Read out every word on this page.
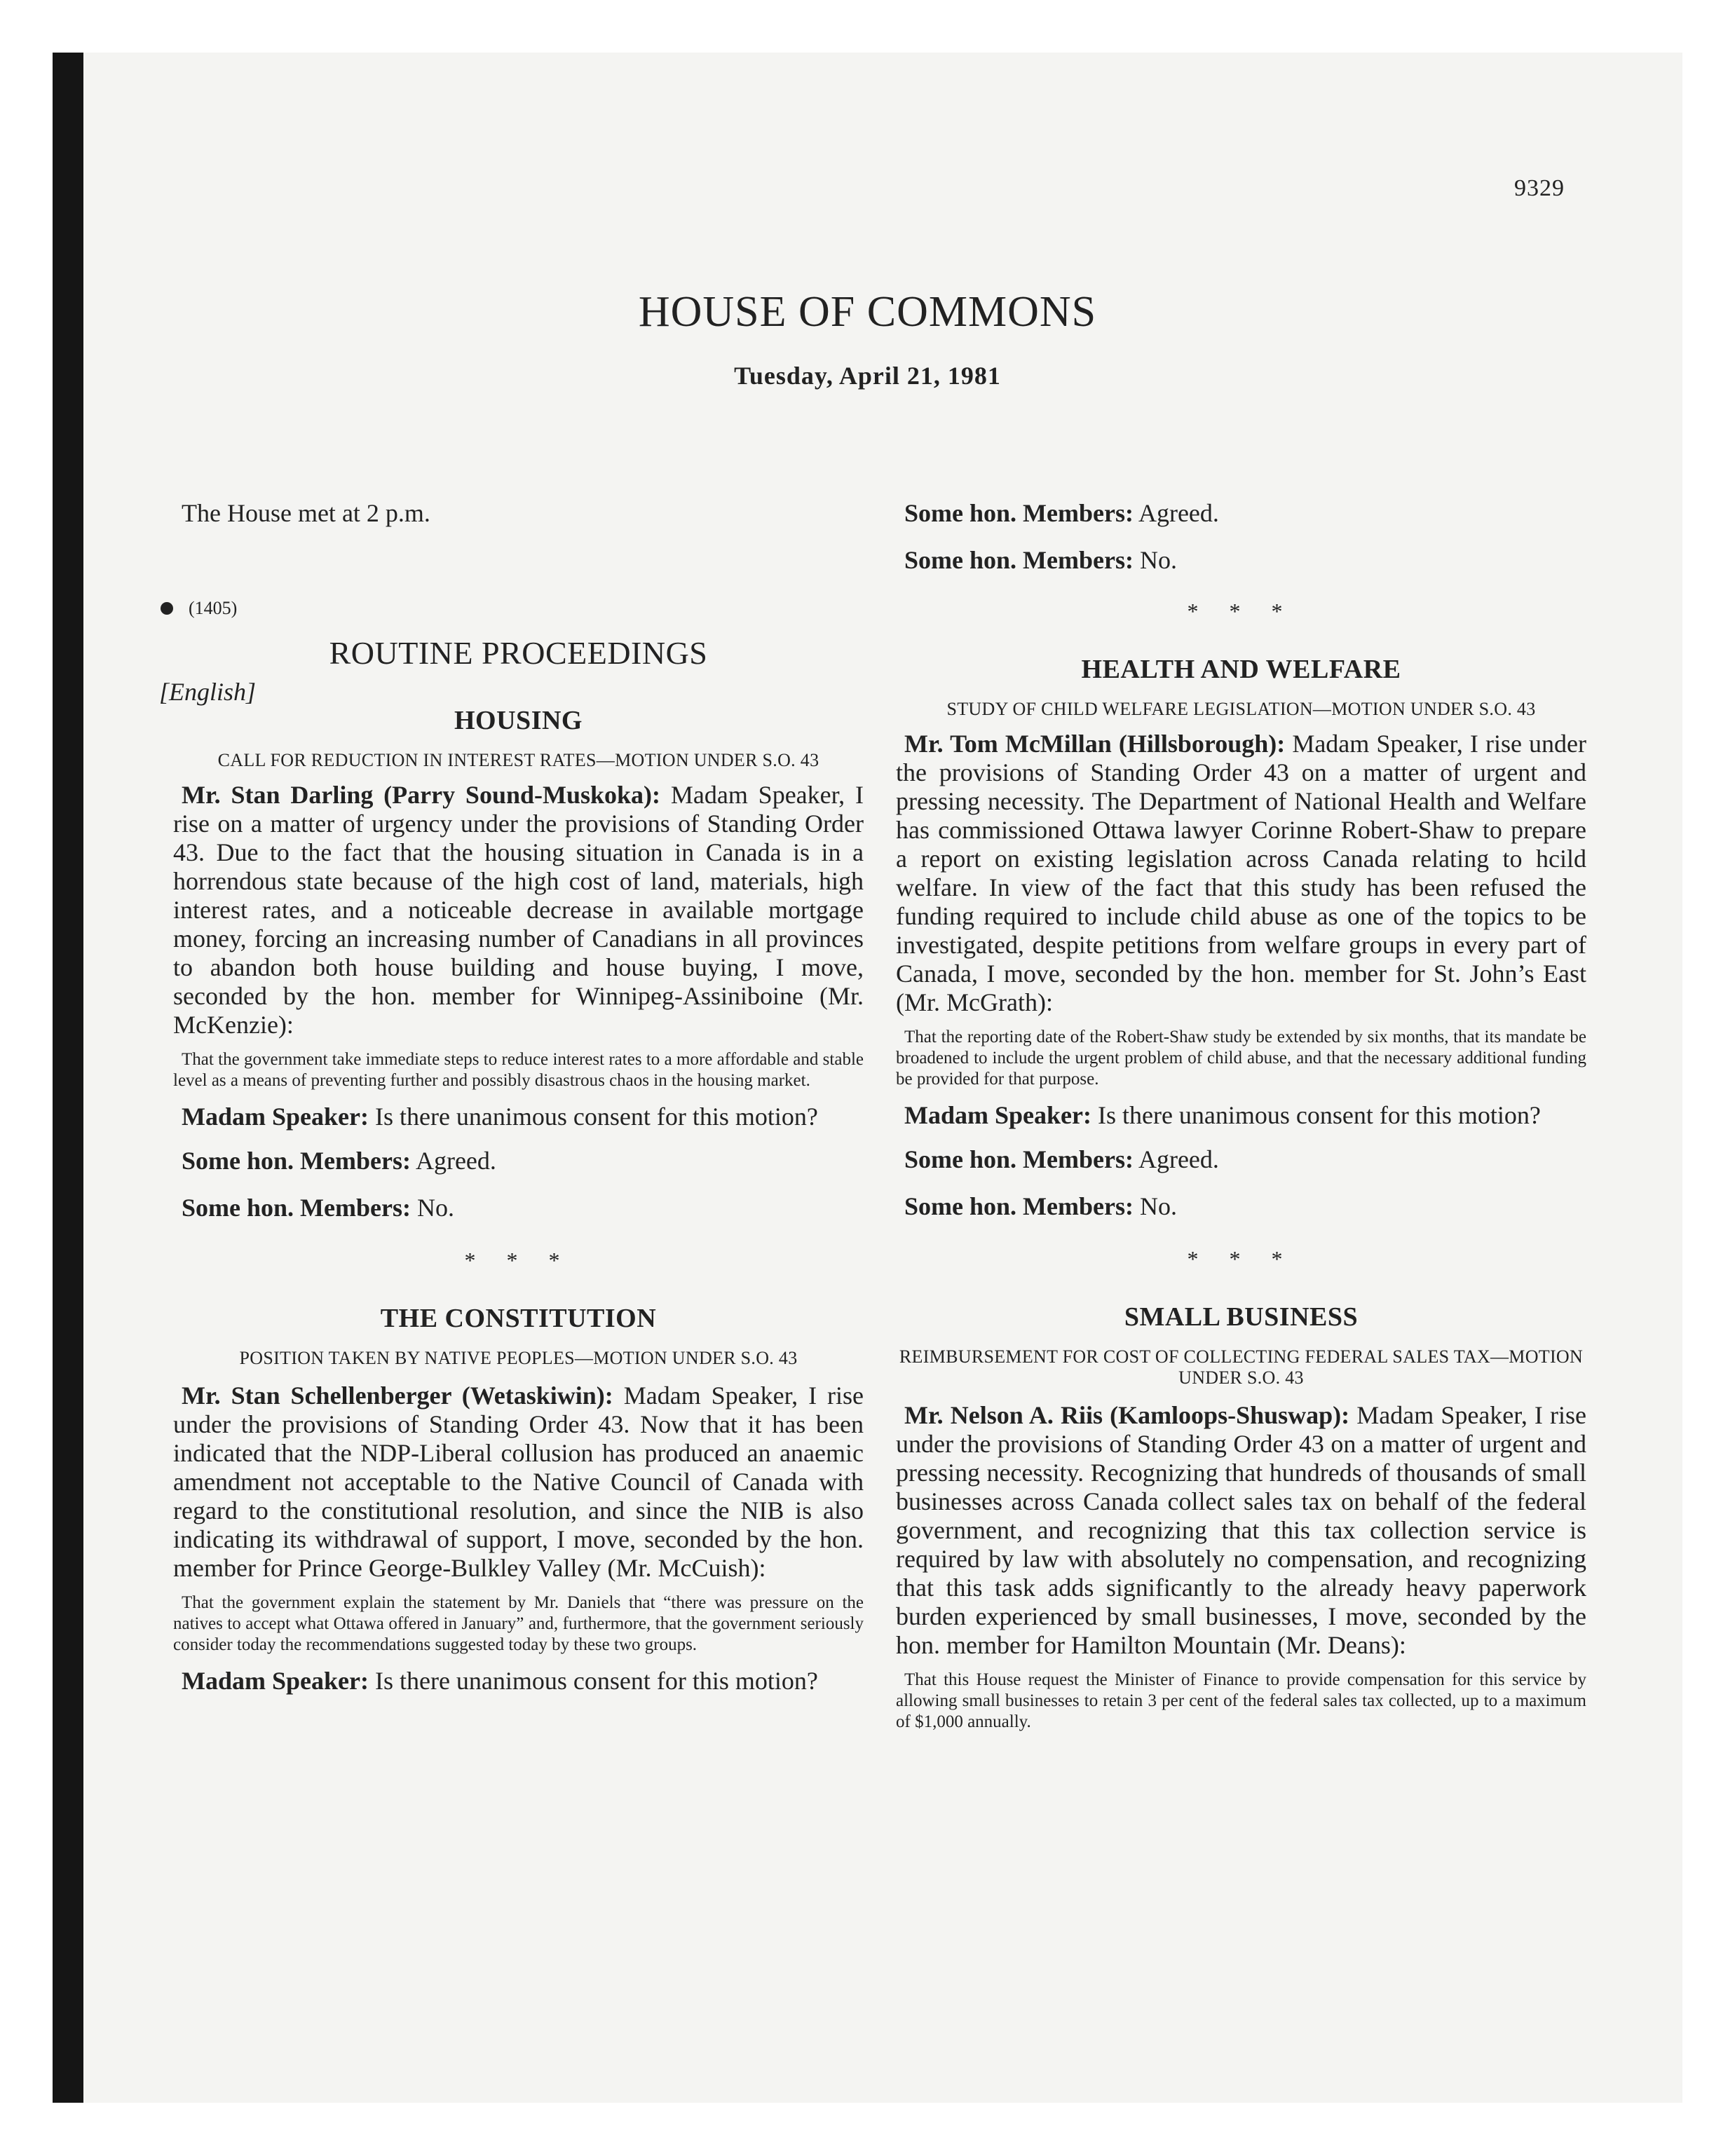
9329
HOUSE OF COMMONS
Tuesday, April 21, 1981

The House met at 2 p.m.

(1405)

ROUTINE PROCEEDINGS

[English]

HOUSING

CALL FOR REDUCTION IN INTEREST RATES—MOTION UNDER S.O. 43

Mr. Stan Darling (Parry Sound-Muskoka): Madam Speaker, I rise on a matter of urgency under the provisions of Standing Order 43. Due to the fact that the housing situation in Canada is in a horrendous state because of the high cost of land, materials, high interest rates, and a noticeable decrease in available mortgage money, forcing an increasing number of Canadians in all provinces to abandon both house building and house buying, I move, seconded by the hon. member for Winnipeg-Assiniboine (Mr. McKenzie):

That the government take immediate steps to reduce interest rates to a more affordable and stable level as a means of preventing further and possibly disastrous chaos in the housing market.

Madam Speaker: Is there unanimous consent for this motion?

Some hon. Members: Agreed.

Some hon. Members: No.

* * *

THE CONSTITUTION

POSITION TAKEN BY NATIVE PEOPLES—MOTION UNDER S.O. 43

Mr. Stan Schellenberger (Wetaskiwin): Madam Speaker, I rise under the provisions of Standing Order 43. Now that it has been indicated that the NDP-Liberal collusion has produced an anaemic amendment not acceptable to the Native Council of Canada with regard to the constitutional resolution, and since the NIB is also indicating its withdrawal of support, I move, seconded by the hon. member for Prince George-Bulkley Valley (Mr. McCuish):

That the government explain the statement by Mr. Daniels that “there was pressure on the natives to accept what Ottawa offered in January” and, furthermore, that the government seriously consider today the recommendations suggested today by these two groups.

Madam Speaker: Is there unanimous consent for this motion?

Some hon. Members: Agreed.

Some hon. Members: No.

* * *

HEALTH AND WELFARE

STUDY OF CHILD WELFARE LEGISLATION—MOTION UNDER S.O. 43

Mr. Tom McMillan (Hillsborough): Madam Speaker, I rise under the provisions of Standing Order 43 on a matter of urgent and pressing necessity. The Department of National Health and Welfare has commissioned Ottawa lawyer Corinne Robert-Shaw to prepare a report on existing legislation across Canada relating to hcild welfare. In view of the fact that this study has been refused the funding required to include child abuse as one of the topics to be investigated, despite petitions from welfare groups in every part of Canada, I move, seconded by the hon. member for St. John’s East (Mr. McGrath):

That the reporting date of the Robert-Shaw study be extended by six months, that its mandate be broadened to include the urgent problem of child abuse, and that the necessary additional funding be provided for that purpose.

Madam Speaker: Is there unanimous consent for this motion?

Some hon. Members: Agreed.

Some hon. Members: No.

* * *

SMALL BUSINESS

REIMBURSEMENT FOR COST OF COLLECTING FEDERAL SALES TAX—MOTION UNDER S.O. 43

Mr. Nelson A. Riis (Kamloops-Shuswap): Madam Speaker, I rise under the provisions of Standing Order 43 on a matter of urgent and pressing necessity. Recognizing that hundreds of thousands of small businesses across Canada collect sales tax on behalf of the federal government, and recognizing that this tax collection service is required by law with absolutely no compensation, and recognizing that this task adds significantly to the already heavy paperwork burden experienced by small businesses, I move, seconded by the hon. member for Hamilton Mountain (Mr. Deans):

That this House request the Minister of Finance to provide compensation for this service by allowing small businesses to retain 3 per cent of the federal sales tax collected, up to a maximum of $1,000 annually.
